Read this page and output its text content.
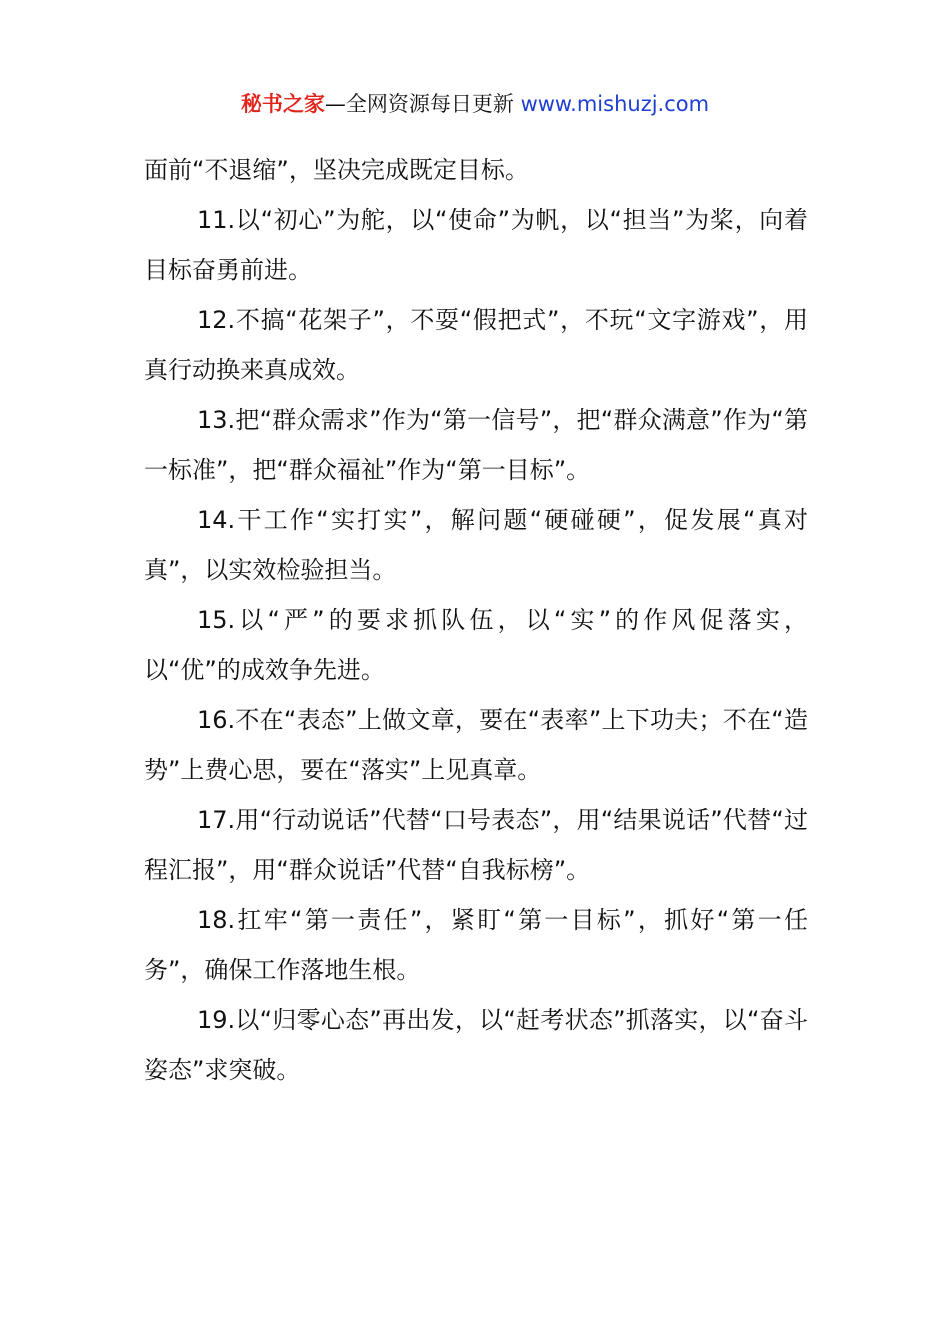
秘书之家—全网资源每日更新 www.mishuzj.com

面前“不退缩”，坚决完成既定目标。

11.以“初心”为舵，以“使命”为帆，以“担当”为桨，向着目标奋勇前进。

12.不搞“花架子”，不耍“假把式”，不玩“文字游戏”，用真行动换来真成效。

13.把“群众需求”作为“第一信号”，把“群众满意”作为“第一标准”，把“群众福祉”作为“第一目标”。

14.干工作“实打实”，解问题“硬碰硬”，促发展“真对真”，以实效检验担当。

15.以“严”的要求抓队伍，以“实”的作风促落实，以“优”的成效争先进。

16.不在“表态”上做文章，要在“表率”上下功夫；不在“造势”上费心思，要在“落实”上见真章。

17.用“行动说话”代替“口号表态”，用“结果说话”代替“过程汇报”，用“群众说话”代替“自我标榜”。

18.扛牢“第一责任”，紧盯“第一目标”，抓好“第一任务”，确保工作落地生根。

19.以“归零心态”再出发，以“赶考状态”抓落实，以“奋斗姿态”求突破。
